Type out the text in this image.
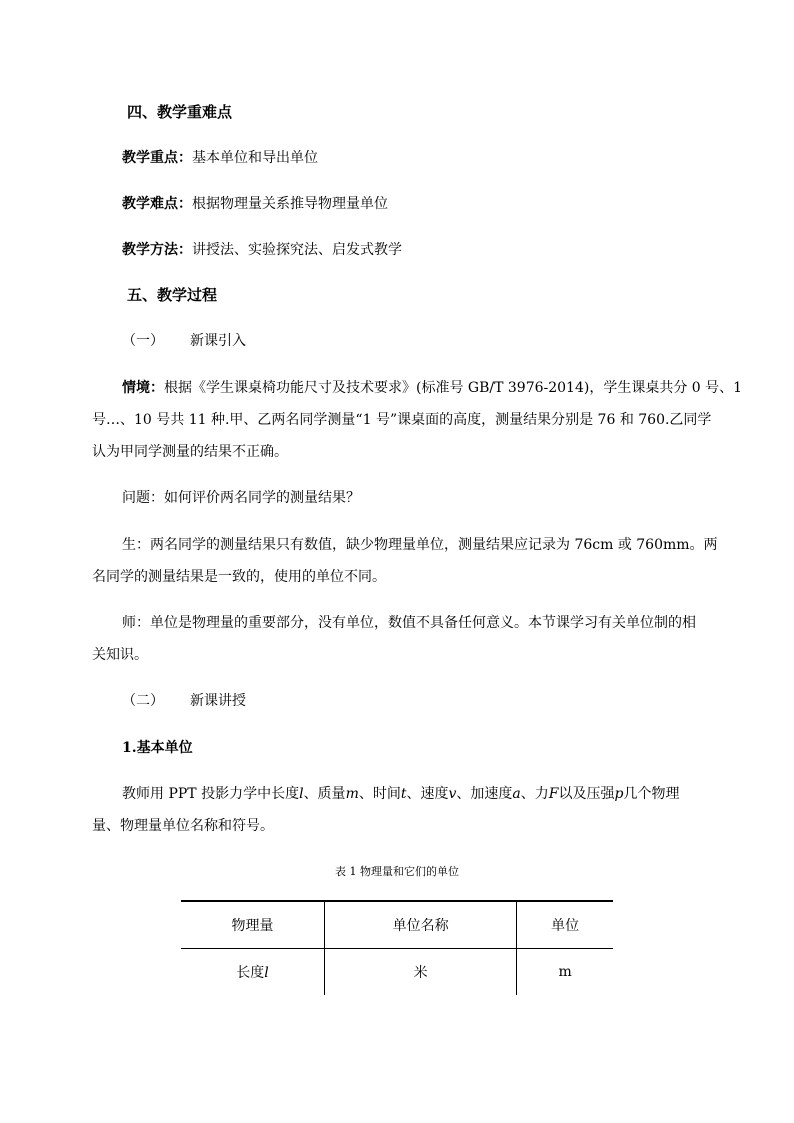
四、教学重难点
教学重点：基本单位和导出单位
教学难点：根据物理量关系推导物理量单位
教学方法：讲授法、实验探究法、启发式教学
五、教学过程
（一） 新课引入
情境：根据《学生课桌椅功能尺寸及技术要求》(标准号 GB/T 3976-2014)，学生课桌共分 0 号、1
号…、10 号共 11 种.甲、乙两名同学测量“1 号”课桌面的高度，测量结果分别是 76 和 760.乙同学
认为甲同学测量的结果不正确。
问题：如何评价两名同学的测量结果？
生：两名同学的测量结果只有数值，缺少物理量单位，测量结果应记录为 76cm 或 760mm。两
名同学的测量结果是一致的，使用的单位不同。
师：单位是物理量的重要部分，没有单位，数值不具备任何意义。本节课学习有关单位制的相
关知识。
（二） 新课讲授
1.基本单位
教师用 PPT 投影力学中长度l、质量m、时间t、速度v、加速度a、力F以及压强p几个物理
量、物理量单位名称和符号。
表 1 物理量和它们的单位
物理量	单位名称	单位
长度l	米	m
